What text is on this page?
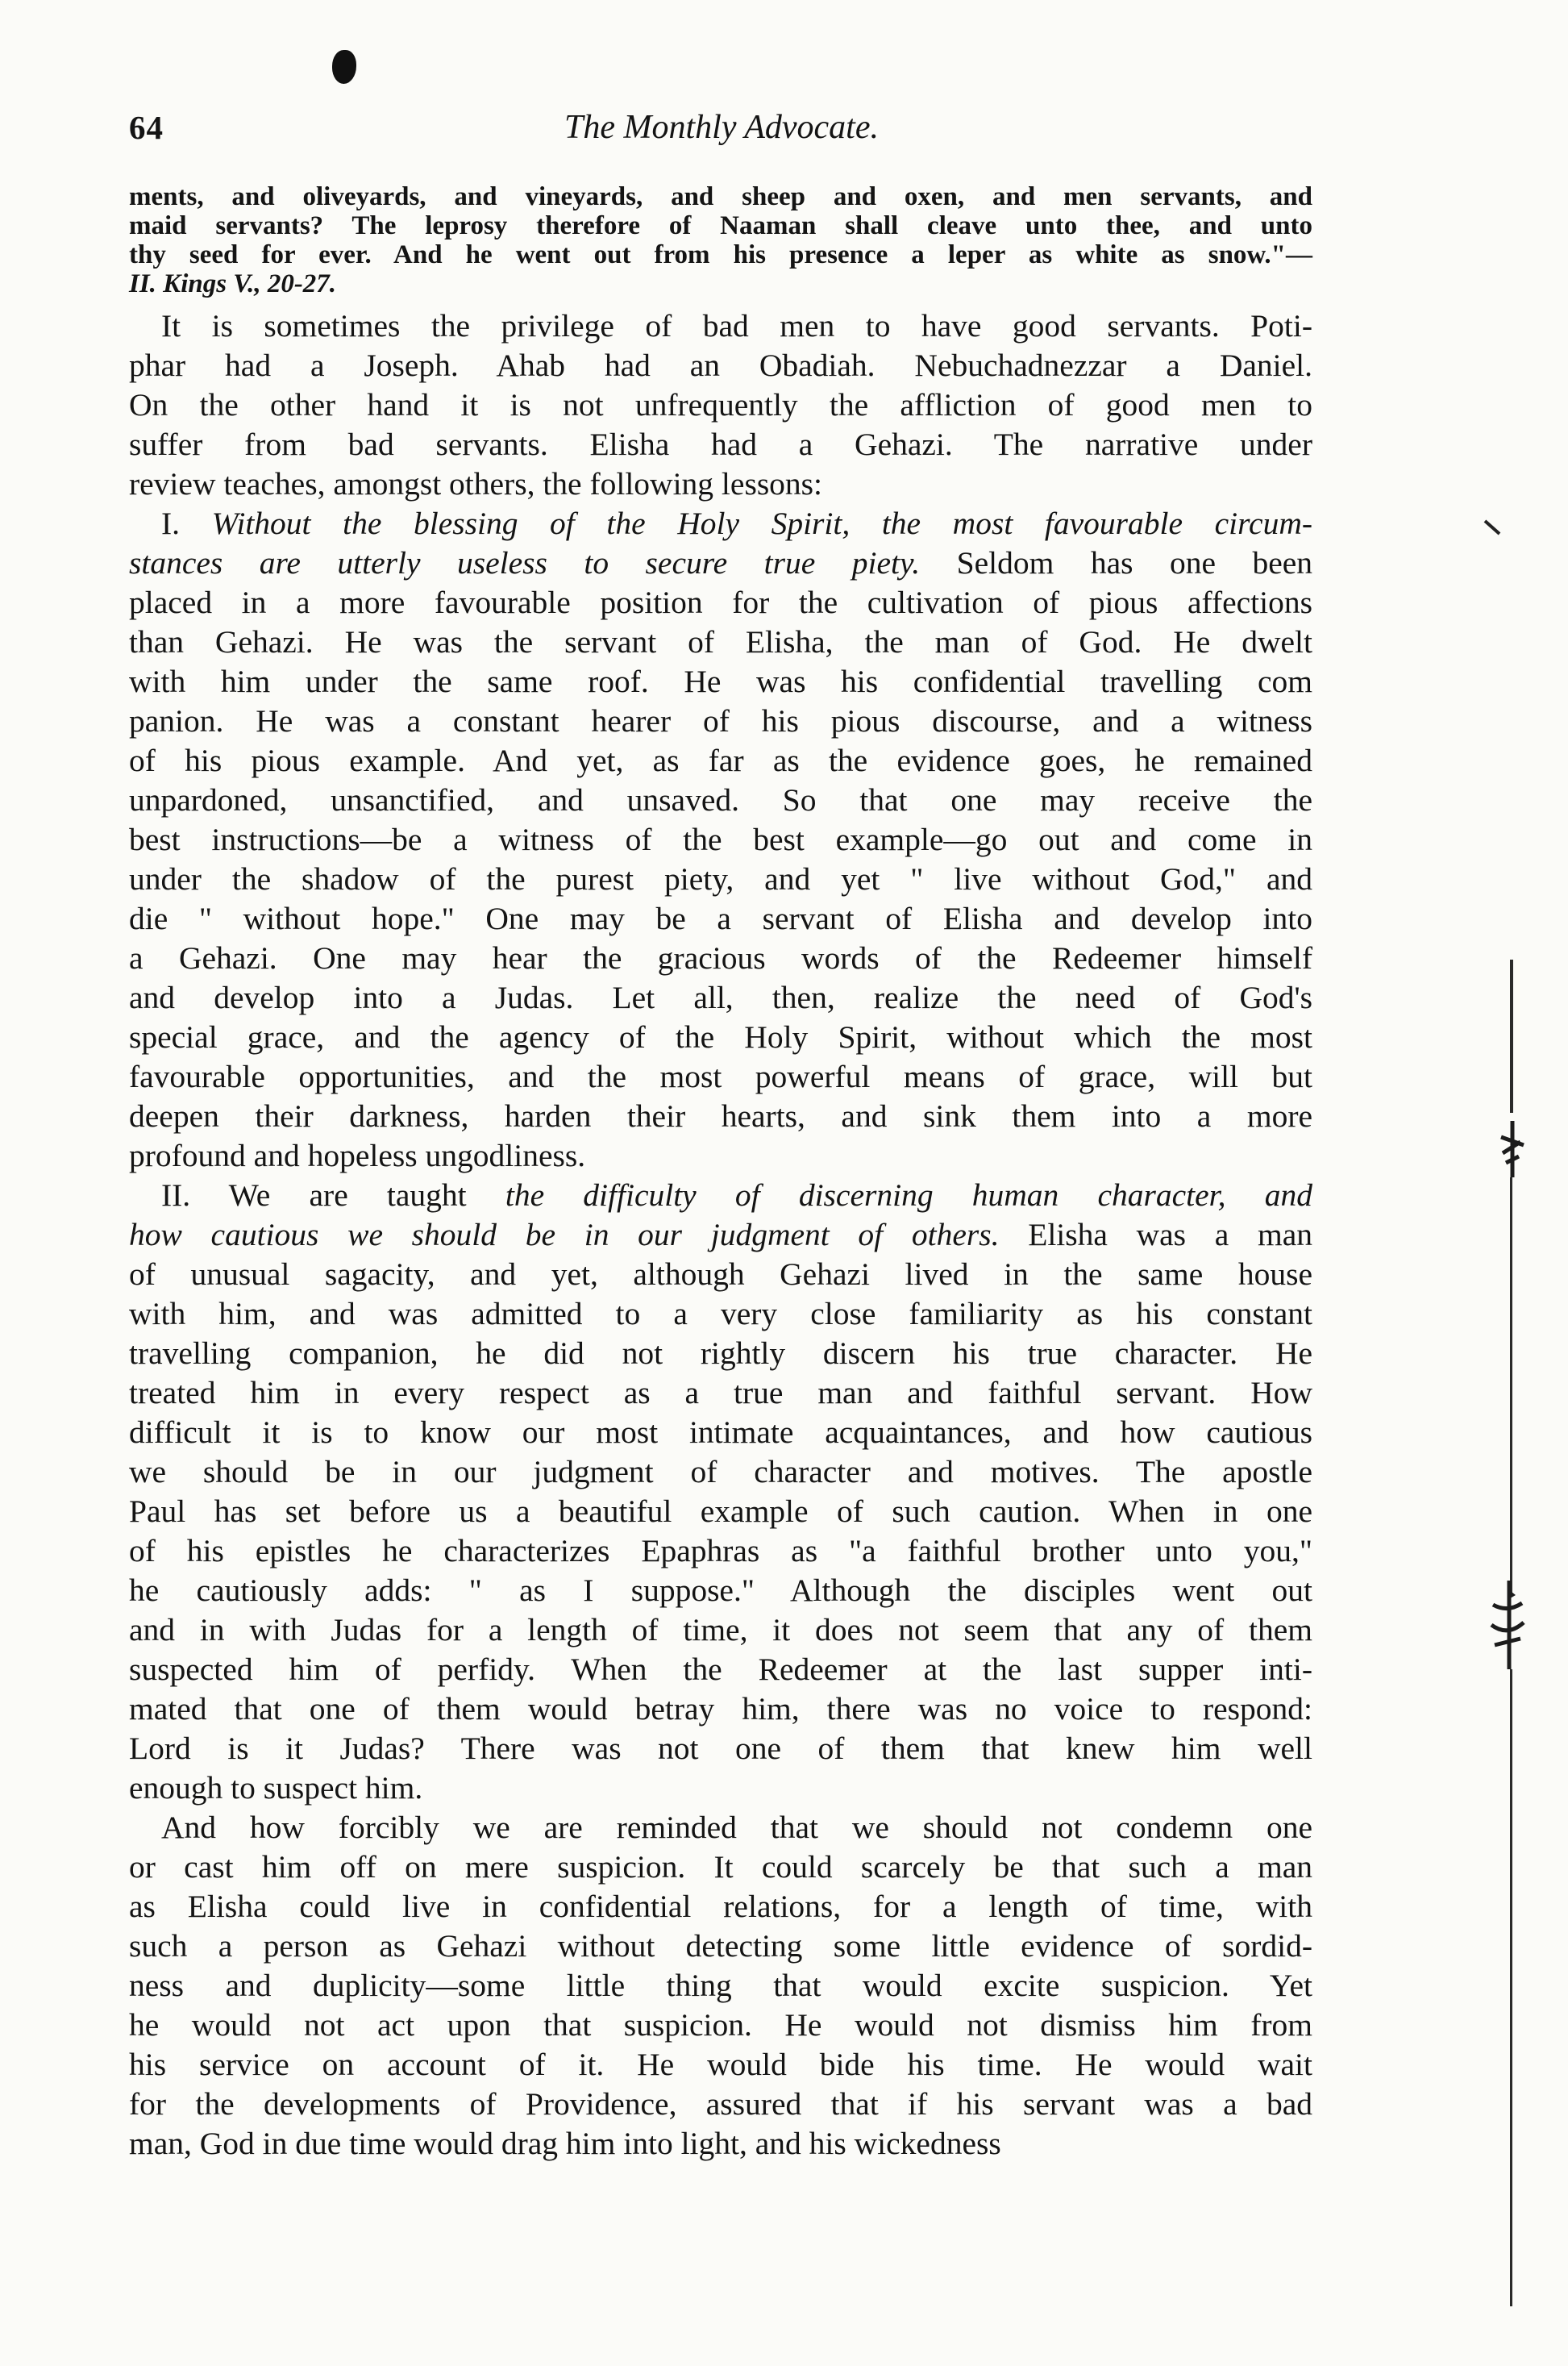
64	The Monthly Advocate.
ments, and oliveyards, and vineyards, and sheep and oxen, and men servants, and
maid servants? The leprosy therefore of Naaman shall cleave unto thee, and unto
thy seed for ever. And he went out from his presence a leper as white as snow."—
II. Kings V., 20-27.
It is sometimes the privilege of bad men to have good servants. Poti-
phar had a Joseph. Ahab had an Obadiah. Nebuchadnezzar a Daniel.
On the other hand it is not unfrequently the affliction of good men to
suffer from bad servants. Elisha had a Gehazi. The narrative under
review teaches, amongst others, the following lessons:
I. Without the blessing of the Holy Spirit, the most favourable circum-
stances are utterly useless to secure true piety. Seldom has one been
placed in a more favourable position for the cultivation of pious affections
than Gehazi. He was the servant of Elisha, the man of God. He dwelt
with him under the same roof. He was his confidential travelling com
panion. He was a constant hearer of his pious discourse, and a witness
of his pious example. And yet, as far as the evidence goes, he remained
unpardoned, unsanctified, and unsaved. So that one may receive the
best instructions—be a witness of the best example—go out and come in
under the shadow of the purest piety, and yet " live without God," and
die " without hope." One may be a servant of Elisha and develop into
a Gehazi. One may hear the gracious words of the Redeemer himself
and develop into a Judas. Let all, then, realize the need of God's
special grace, and the agency of the Holy Spirit, without which the most
favourable opportunities, and the most powerful means of grace, will but
deepen their darkness, harden their hearts, and sink them into a more
profound and hopeless ungodliness.
II. We are taught the difficulty of discerning human character, and
how cautious we should be in our judgment of others. Elisha was a man
of unusual sagacity, and yet, although Gehazi lived in the same house
with him, and was admitted to a very close familiarity as his constant
travelling companion, he did not rightly discern his true character. He
treated him in every respect as a true man and faithful servant. How
difficult it is to know our most intimate acquaintances, and how cautious
we should be in our judgment of character and motives. The apostle
Paul has set before us a beautiful example of such caution. When in one
of his epistles he characterizes Epaphras as "a faithful brother unto you,"
he cautiously adds: " as I suppose." Although the disciples went out
and in with Judas for a length of time, it does not seem that any of them
suspected him of perfidy. When the Redeemer at the last supper inti-
mated that one of them would betray him, there was no voice to respond:
Lord is it Judas? There was not one of them that knew him well
enough to suspect him.
And how forcibly we are reminded that we should not condemn one
or cast him off on mere suspicion. It could scarcely be that such a man
as Elisha could live in confidential relations, for a length of time, with
such a person as Gehazi without detecting some little evidence of sordid-
ness and duplicity—some little thing that would excite suspicion. Yet
he would not act upon that suspicion. He would not dismiss him from
his service on account of it. He would bide his time. He would wait
for the developments of Providence, assured that if his servant was a bad
man, God in due time would drag him into light, and his wickedness
